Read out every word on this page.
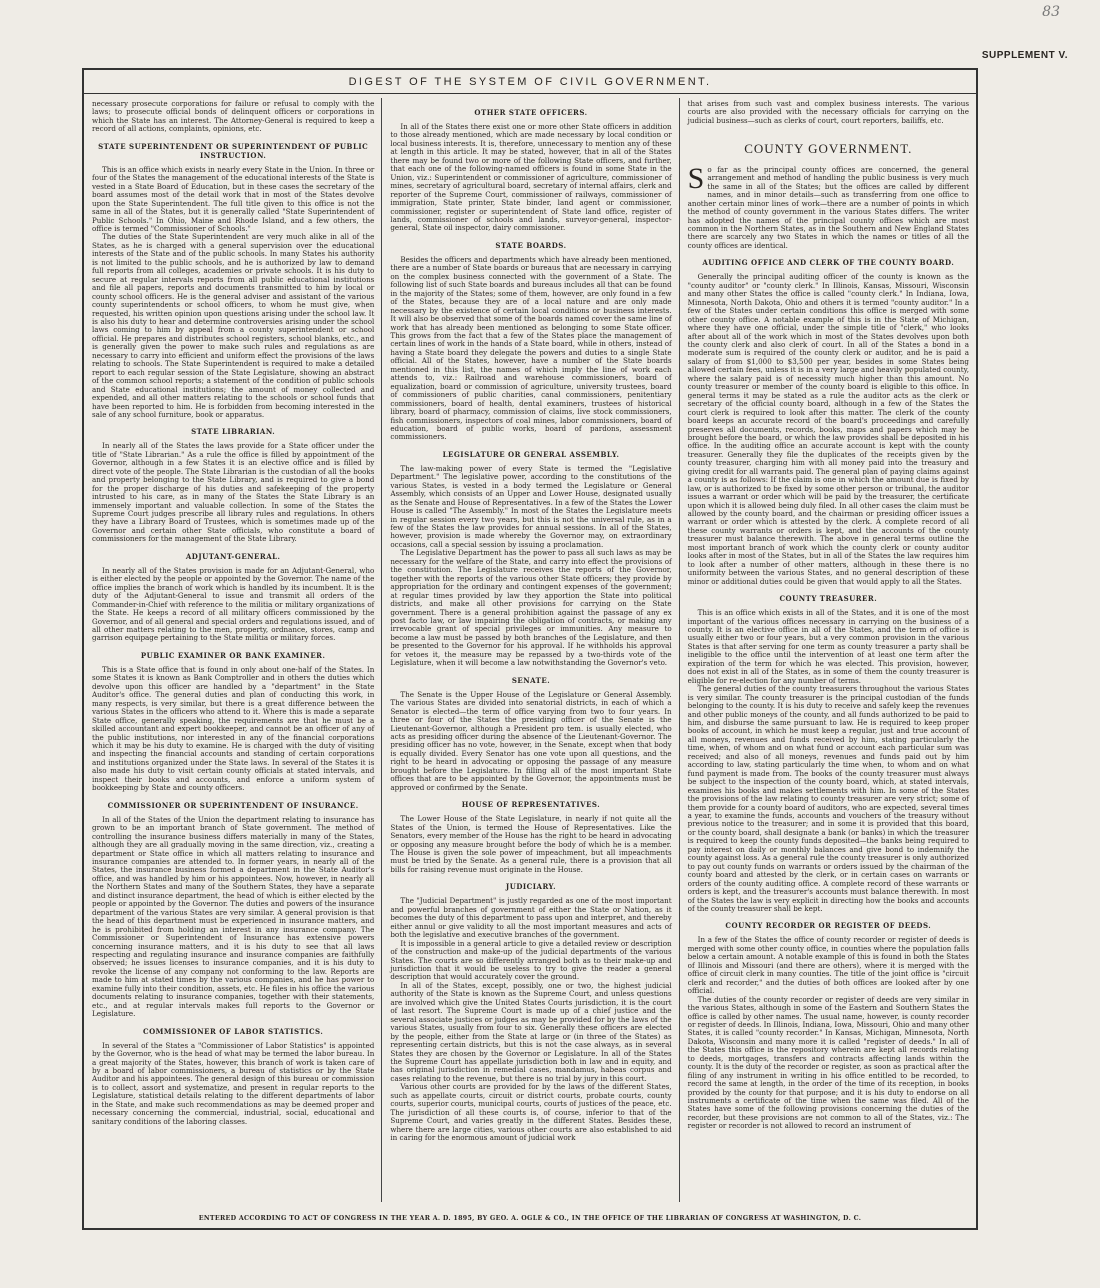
83
SUPPLEMENT V.
DIGEST OF THE SYSTEM OF CIVIL GOVERNMENT.

necessary prosecute corporations for failure or refusal to comply with the laws; to prosecute official bonds of delinquent officers or corporations in which the State has an interest. The Attorney-General is required to keep a record of all actions, complaints, opinions, etc.

STATE SUPERINTENDENT OR SUPERINTENDENT OF PUBLIC INSTRUCTION.

This is an office which exists in nearly every State in the Union. In three or four of the States the management of the educational interests of the State is vested in a State Board of Education, but in these cases the secretary of the board assumes most of the detail work that in most of the States devolve upon the State Superintendent. The full title given to this office is not the same in all of the States, but it is generally called "State Superintendent of Public Schools." In Ohio, Maine and Rhode Island, and a few others, the office is termed "Commissioner of Schools."

The duties of the State Superintendent are very much alike in all of the States, as he is charged with a general supervision over the educational interests of the State and of the public schools. In many States his authority is not limited to the public schools, and he is authorized by law to demand full reports from all colleges, academies or private schools. It is his duty to secure at regular intervals reports from all public educational institutions and file all papers, reports and documents transmitted to him by local or county school officers. He is the general adviser and assistant of the various county superintendents or school officers, to whom he must give, when requested, his written opinion upon questions arising under the school law. It is also his duty to hear and determine controversies arising under the school laws coming to him by appeal from a county superintendent or school official. He prepares and distributes school registers, school blanks, etc., and is generally given the power to make such rules and regulations as are necessary to carry into efficient and uniform effect the provisions of the laws relating to schools. The State Superintendent is required to make a detailed report to each regular session of the State Legislature, showing an abstract of the common school reports; a statement of the condition of public schools and State educational institutions; the amount of money collected and expended, and all other matters relating to the schools or school funds that have been reported to him. He is forbidden from becoming interested in the sale of any school furniture, book or apparatus.

STATE LIBRARIAN.

In nearly all of the States the laws provide for a State officer under the title of "State Librarian." As a rule the office is filled by appointment of the Governor, although in a few States it is an elective office and is filled by direct vote of the people. The State Librarian is the custodian of all the books and property belonging to the State Library, and is required to give a bond for the proper discharge of his duties and safekeeping of the property intrusted to his care, as in many of the States the State Library is an immensely important and valuable collection. In some of the States the Supreme Court judges prescribe all library rules and regulations. In others they have a Library Board of Trustees, which is sometimes made up of the Governor and certain other State officials, who constitute a board of commissioners for the management of the State Library.

ADJUTANT-GENERAL.

In nearly all of the States provision is made for an Adjutant-General, who is either elected by the people or appointed by the Governor. The name of the office implies the branch of work which is handled by its incumbent. It is the duty of the Adjutant-General to issue and transmit all orders of the Commander-in-Chief with reference to the militia or military organizations of the State. He keeps a record of all military officers commissioned by the Governor, and of all general and special orders and regulations issued, and of all other matters relating to the men, property, ordnance, stores, camp and garrison equipage pertaining to the State militia or military forces.

PUBLIC EXAMINER OR BANK EXAMINER.

This is a State office that is found in only about one-half of the States. In some States it is known as Bank Comptroller and in others the duties which devolve upon this officer are handled by a "department" in the State Auditor's office. The general duties and plan of conducting this work, in many respects, is very similar, but there is a great difference between the various States in the officers who attend to it. Where this is made a separate State office, generally speaking, the requirements are that he must be a skilled accountant and expert bookkeeper, and cannot be an officer of any of the public institutions, nor interested in any of the financial corporations which it may be his duty to examine. He is charged with the duty of visiting and inspecting the financial accounts and standing of certain corporations and institutions organized under the State laws. In several of the States it is also made his duty to visit certain county officials at stated intervals, and inspect their books and accounts, and enforce a uniform system of bookkeeping by State and county officers.

COMMISSIONER OR SUPERINTENDENT OF INSURANCE.

In all of the States of the Union the department relating to insurance has grown to be an important branch of State government. The method of controlling the insurance business differs materially in many of the States, although they are all gradually moving in the same direction, viz., creating a department or State office in which all matters relating to insurance and insurance companies are attended to. In former years, in nearly all of the States, the insurance business formed a department in the State Auditor's office, and was handled by him or his appointees. Now, however, in nearly all the Northern States and many of the Southern States, they have a separate and distinct insurance department, the head of which is either elected by the people or appointed by the Governor. The duties and powers of the insurance department of the various States are very similar. A general provision is that the head of this department must be experienced in insurance matters, and he is prohibited from holding an interest in any insurance company. The Commissioner or Superintendent of Insurance has extensive powers concerning insurance matters, and it is his duty to see that all laws respecting and regulating insurance and insurance companies are faithfully observed; he issues licenses to insurance companies, and it is his duty to revoke the license of any company not conforming to the law. Reports are made to him at stated times by the various companies, and he has power to examine fully into their condition, assets, etc. He files in his office the various documents relating to insurance companies, together with their statements, etc., and at regular intervals makes full reports to the Governor or Legislature.

COMMISSIONER OF LABOR STATISTICS.

In several of the States a "Commissioner of Labor Statistics" is appointed by the Governor, who is the head of what may be termed the labor bureau. In a great majority of the States, however, this branch of work is taken care of by a board of labor commissioners, a bureau of statistics or by the State Auditor and his appointees. The general design of this bureau or commission is to collect, assort and systematize, and present in regular reports to the Legislature, statistical details relating to the different departments of labor in the State, and make such recommendations as may be deemed proper and necessary concerning the commercial, industrial, social, educational and sanitary conditions of the laboring classes.

OTHER STATE OFFICERS.

In all of the States there exist one or more other State officers in addition to those already mentioned, which are made necessary by local condition or local business interests. It is, therefore, unnecessary to mention any of these at length in this article. It may be stated, however, that in all of the States there may be found two or more of the following State officers, and further, that each one of the following-named officers is found in some State in the Union, viz.: Superintendent or commissioner of agriculture, commissioner of mines, secretary of agricultural board, secretary of internal affairs, clerk and reporter of the Supreme Court, commissioner of railways, commissioner of immigration, State printer, State binder, land agent or commissioner, commissioner, register or superintendent of State land office, register of lands, commissioner of schools and lands, surveyor-general, inspector-general, State oil inspector, dairy commissioner.

STATE BOARDS.

Besides the officers and departments which have already been mentioned, there are a number of State boards or bureaus that are necessary in carrying on the complex business connected with the government of a State. The following list of such State boards and bureaus includes all that can be found in the majority of the States; some of them, however, are only found in a few of the States, because they are of a local nature and are only made necessary by the existence of certain local conditions or business interests. It will also be observed that some of the boards named cover the same line of work that has already been mentioned as belonging to some State officer. This grows from the fact that a few of the States place the management of certain lines of work in the hands of a State board, while in others, instead of having a State board they delegate the powers and duties to a single State official. All of the States, however, have a number of the State boards mentioned in this list, the names of which imply the line of work each attends to, viz.: Railroad and warehouse commissioners, board of equalization, board or commission of agriculture, university trustees, board of commissioners of public charities, canal commissioners, penitentiary commissioners, board of health, dental examiners, trustees of historical library, board of pharmacy, commission of claims, live stock commissioners, fish commissioners, inspectors of coal mines, labor commissioners, board of education, board of public works, board of pardons, assessment commissioners.

LEGISLATURE OR GENERAL ASSEMBLY.

The law-making power of every State is termed the "Legislative Department." The legislative power, according to the constitutions of the various States, is vested in a body termed the Legislature or General Assembly, which consists of an Upper and Lower House, designated usually as the Senate and House of Representatives. In a few of the States the Lower House is called "The Assembly." In most of the States the Legislature meets in regular session every two years, but this is not the universal rule, as in a few of the States the law provides for annual sessions. In all of the States, however, provision is made whereby the Governor may, on extraordinary occasions, call a special session by issuing a proclamation.

The Legislative Department has the power to pass all such laws as may be necessary for the welfare of the State, and carry into effect the provisions of the constitution. The Legislature receives the reports of the Governor, together with the reports of the various other State officers; they provide by appropriation for the ordinary and contingent expenses of the government; at regular times provided by law they apportion the State into political districts, and make all other provisions for carrying on the State government. There is a general prohibition against the passage of any ex post facto law, or law impairing the obligation of contracts, or making any irrevocable grant of special privileges or immunities. Any measure to become a law must be passed by both branches of the Legislature, and then be presented to the Governor for his approval. If he withholds his approval for vetoes it, the measure may be repassed by a two-thirds vote of the Legislature, when it will become a law notwithstanding the Governor's veto.

SENATE.

The Senate is the Upper House of the Legislature or General Assembly. The various States are divided into senatorial districts, in each of which a Senator is elected—the term of office varying from two to four years. In three or four of the States the presiding officer of the Senate is the Lieutenant-Governor, although a President pro tem. is usually elected, who acts as presiding officer during the absence of the Lieutenant-Governor. The presiding officer has no vote, however, in the Senate, except when that body is equally divided. Every Senator has one vote upon all questions, and the right to be heard in advocating or opposing the passage of any measure brought before the Legislature. In filling all of the most important State offices that are to be appointed by the Governor, the appointments must be approved or confirmed by the Senate.

HOUSE OF REPRESENTATIVES.

The Lower House of the State Legislature, in nearly if not quite all the States of the Union, is termed the House of Representatives. Like the Senators, every member of the House has the right to be heard in advocating or opposing any measure brought before the body of which he is a member. The House is given the sole power of impeachment, but all impeachments must be tried by the Senate. As a general rule, there is a provision that all bills for raising revenue must originate in the House.

JUDICIARY.

The "Judicial Department" is justly regarded as one of the most important and powerful branches of government of either the State or Nation, as it becomes the duty of this department to pass upon and interpret, and thereby either annul or give validity to all the most important measures and acts of both the legislative and executive branches of the government.

It is impossible in a general article to give a detailed review or description of the construction and make-up of the judicial departments of the various States. The courts are so differently arranged both as to their make-up and jurisdiction that it would be useless to try to give the reader a general description that would accurately cover the ground.

In all of the States, except, possibly, one or two, the highest judicial authority of the State is known as the Supreme Court, and unless questions are involved which give the United States Courts jurisdiction, it is the court of last resort. The Supreme Court is made up of a chief justice and the several associate justices or judges as may be provided for by the laws of the various States, usually from four to six. Generally these officers are elected by the people, either from the State at large or (in three of the States) as representing certain districts, but this is not the case always, as in several States they are chosen by the Governor or Legislature. In all of the States the Supreme Court has appellate jurisdiction both in law and in equity, and has original jurisdiction in remedial cases, mandamus, habeas corpus and cases relating to the revenue, but there is no trial by jury in this court.

Various other courts are provided for by the laws of the different States, such as appellate courts, circuit or district courts, probate courts, county courts, superior courts, municipal courts, courts of justices of the peace, etc. The jurisdiction of all these courts is, of course, inferior to that of the Supreme Court, and varies greatly in the different States. Besides these, where there are large cities, various other courts are also established to aid in caring for the enormous amount of judicial work

that arises from such vast and complex business interests. The various courts are also provided with the necessary officials for carrying on the judicial business—such as clerks of court, court reporters, bailiffs, etc.

COUNTY GOVERNMENT.

So far as the principal county offices are concerned, the general arrangement and method of handling the public business is very much the same in all of the States; but the offices are called by different names, and in minor details—such as transferring from one office to another certain minor lines of work—there are a number of points in which the method of county government in the various States differs. The writer has adopted the names of the principal county offices which are most common in the Northern States, as in the Southern and New England States there are scarcely any two States in which the names or titles of all the county offices are identical.

AUDITING OFFICE AND CLERK OF THE COUNTY BOARD.

Generally the principal auditing officer of the county is known as the "county auditor" or "county clerk." In Illinois, Kansas, Missouri, Wisconsin and many other States the office is called "county clerk." In Indiana, Iowa, Minnesota, North Dakota, Ohio and others it is termed "county auditor." In a few of the States under certain conditions this office is merged with some other county office. A notable example of this is in the State of Michigan, where they have one official, under the simple title of "clerk," who looks after about all of the work which in most of the States devolves upon both the county clerk and also clerk of court. In all of the States a bond in a moderate sum is required of the county clerk or auditor, and he is paid a salary of from $1,000 to $3,500 per year, besides in some States being allowed certain fees, unless it is in a very large and heavily populated county, where the salary paid is of necessity much higher than this amount. No county treasurer or member of the county board is eligible to this office. In general terms it may be stated as a rule the auditor acts as the clerk or secretary of the official county board, although in a few of the States the court clerk is required to look after this matter. The clerk of the county board keeps an accurate record of the board's proceedings and carefully preserves all documents, records, books, maps and papers which may be brought before the board, or which the law provides shall be deposited in his office. In the auditing office an accurate account is kept with the county treasurer. Generally they file the duplicates of the receipts given by the county treasurer, charging him with all money paid into the treasury and giving credit for all warrants paid. The general plan of paying claims against a county is as follows: If the claim is one in which the amount due is fixed by law, or is authorized to be fixed by some other person or tribunal, the auditor issues a warrant or order which will be paid by the treasurer, the certificate upon which it is allowed being duly filed. In all other cases the claim must be allowed by the county board, and the chairman or presiding officer issues a warrant or order which is attested by the clerk. A complete record of all these county warrants or orders is kept, and the accounts of the county treasurer must balance therewith. The above in general terms outline the most important branch of work which the county clerk or county auditor looks after in most of the States, but in all of the States the law requires him to look after a number of other matters, although in these there is no uniformity between the various States, and no general description of these minor or additional duties could be given that would apply to all the States.

COUNTY TREASURER.

This is an office which exists in all of the States, and it is one of the most important of the various offices necessary in carrying on the business of a county. It is an elective office in all of the States, and the term of office is usually either two or four years, but a very common provision in the various States is that after serving for one term as county treasurer a party shall be ineligible to the office until the intervention of at least one term after the expiration of the term for which he was elected. This provision, however, does not exist in all of the States, as in some of them the county treasurer is eligible for re-election for any number of terms.

The general duties of the county treasurers throughout the various States is very similar. The county treasurer is the principal custodian of the funds belonging to the county. It is his duty to receive and safely keep the revenues and other public moneys of the county, and all funds authorized to be paid to him, and disburse the same pursuant to law. He is required to keep proper books of account, in which he must keep a regular, just and true account of all moneys, revenues and funds received by him, stating particularly the time, when, of whom and on what fund or account each particular sum was received; and also of all moneys, revenues and funds paid out by him according to law, stating particularly the time when, to whom and on what fund payment is made from. The books of the county treasurer must always be subject to the inspection of the county board, which, at stated intervals, examines his books and makes settlements with him. In some of the States the provisions of the law relating to county treasurer are very strict; some of them provide for a county board of auditors, who are expected, several times a year, to examine the funds, accounts and vouchers of the treasury without previous notice to the treasurer; and in some it is provided that this board, or the county board, shall designate a bank (or banks) in which the treasurer is required to keep the county funds deposited—the banks being required to pay interest on daily or monthly balances and give bond to indemnify the county against loss. As a general rule the county treasurer is only authorized to pay out county funds on warrants or orders issued by the chairman of the county board and attested by the clerk, or in certain cases on warrants or orders of the county auditing office. A complete record of these warrants or orders is kept, and the treasurer's accounts must balance therewith. In most of the States the law is very explicit in directing how the books and accounts of the county treasurer shall be kept.

COUNTY RECORDER OR REGISTER OF DEEDS.

In a few of the States the office of county recorder or register of deeds is merged with some other county office, in counties where the population falls below a certain amount. A notable example of this is found in both the States of Illinois and Missouri (and there are others), where it is merged with the office of circuit clerk in many counties. The title of the joint office is "circuit clerk and recorder," and the duties of both offices are looked after by one official.

The duties of the county recorder or register of deeds are very similar in the various States, although in some of the Eastern and Southern States the office is called by other names. The usual name, however, is county recorder or register of deeds. In Illinois, Indiana, Iowa, Missouri, Ohio and many other States, it is called "county recorder." In Kansas, Michigan, Minnesota, North Dakota, Wisconsin and many more it is called "register of deeds." In all of the States this office is the repository wherein are kept all records relating to deeds, mortgages, transfers and contracts affecting lands within the county. It is the duty of the recorder or register, as soon as practical after the filing of any instrument in writing in his office entitled to be recorded, to record the same at length, in the order of the time of its reception, in books provided by the county for that purpose; and it is his duty to endorse on all instruments a certificate of the time when the same was filed. All of the States have some of the following provisions concerning the duties of the recorder, but these provisions are not common to all of the States, viz.: The register or recorder is not allowed to record an instrument of

ENTERED ACCORDING TO ACT OF CONGRESS IN THE YEAR A. D. 1895, BY GEO. A. OGLE & CO., IN THE OFFICE OF THE LIBRARIAN OF CONGRESS AT WASHINGTON, D. C.
